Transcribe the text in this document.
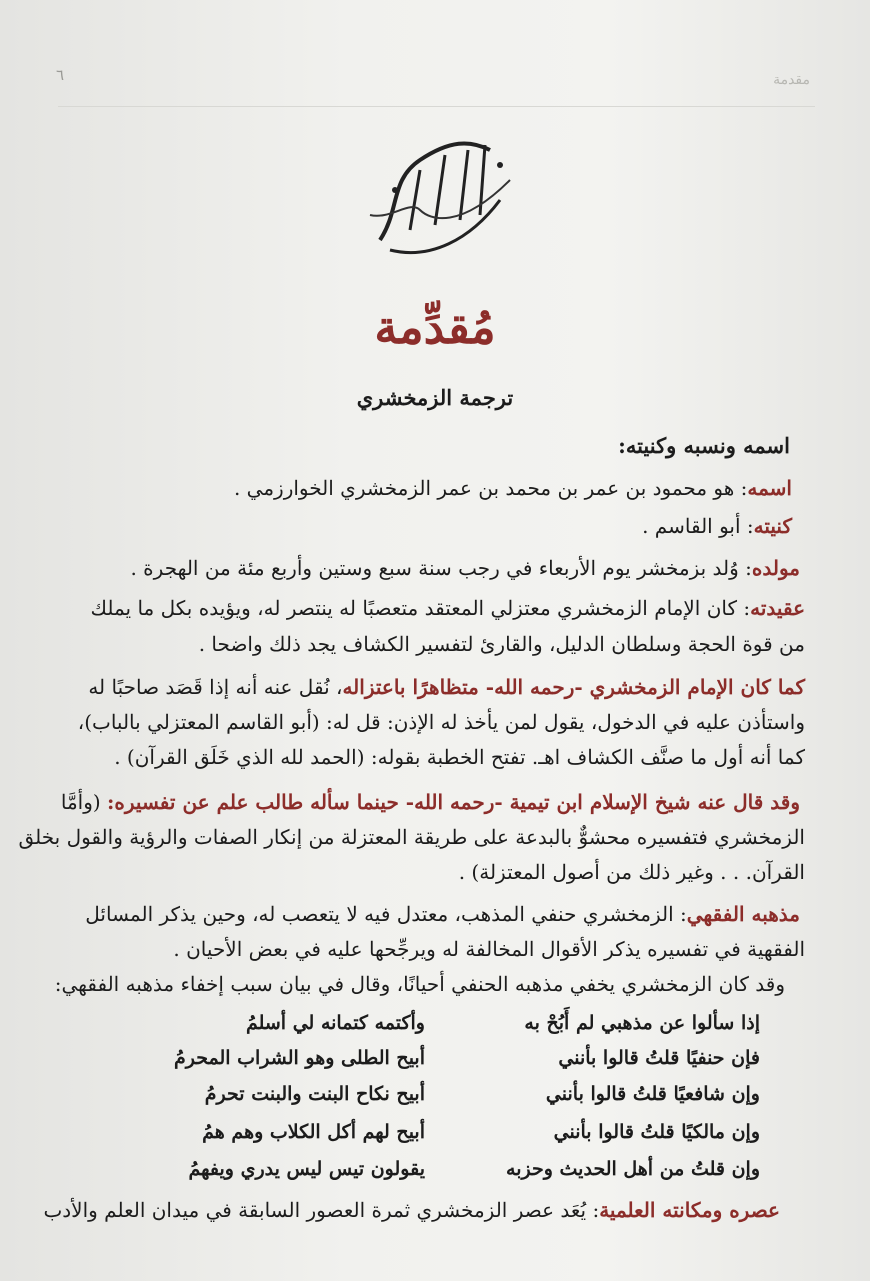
٦	مقدمة
مُقدِّمة
ترجمة الزمخشري
اسمه ونسبه وكنيته:
اسمه: هو محمود بن عمر بن محمد بن عمر الزمخشري الخوارزمي .
كنيته: أبو القاسم .
مولده: وُلد بزمخشر يوم الأربعاء في رجب سنة سبع وستين وأربع مئة من الهجرة .
عقيدته: كان الإمام الزمخشري معتزلي المعتقد متعصبًا له ينتصر له، ويؤيده بكل ما يملك
من قوة الحجة وسلطان الدليل، والقارئ لتفسير الكشاف يجد ذلك واضحا .
كما كان الإمام الزمخشري -رحمه الله- متظاهرًا باعتزاله، نُقل عنه أنه إذا قَصَد صاحبًا له
واستأذن عليه في الدخول، يقول لمن يأخذ له الإذن: قل له: (أبو القاسم المعتزلي بالباب)،
كما أنه أول ما صنَّف الكشاف اهـ. تفتح الخطبة بقوله: (الحمد لله الذي خَلَق القرآن) .
وقد قال عنه شيخ الإسلام ابن تيمية -رحمه الله- حينما سأله طالب علم عن تفسيره: (وأمَّا
الزمخشري فتفسيره محشوٌّ بالبدعة على طريقة المعتزلة من إنكار الصفات والرؤية والقول بخلق
القرآن. . . وغير ذلك من أصول المعتزلة) .
مذهبه الفقهي: الزمخشري حنفي المذهب، معتدل فيه لا يتعصب له، وحين يذكر المسائل
الفقهية في تفسيره يذكر الأقوال المخالفة له ويرجِّحها عليه في بعض الأحيان .
وقد كان الزمخشري يخفي مذهبه الحنفي أحيانًا، وقال في بيان سبب إخفاء مذهبه الفقهي:
إذا سألوا عن مذهبي لم أَبُحْ به
وأكتمه كتمانه لي أسلمُ
فإن حنفيًا قلتُ قالوا بأنني
أبيح الطلى وهو الشراب المحرمُ
وإن شافعيًا قلتُ قالوا بأنني
أبيح نكاح البنت والبنت تحرمُ
وإن مالكيًا قلتُ قالوا بأنني
أبيح لهم أكل الكلاب وهم همُ
وإن قلتُ من أهل الحديث وحزبه
يقولون تيس ليس يدري ويفهمُ
عصره ومكانته العلمية: يُعَد عصر الزمخشري ثمرة العصور السابقة في ميدان العلم والأدب
